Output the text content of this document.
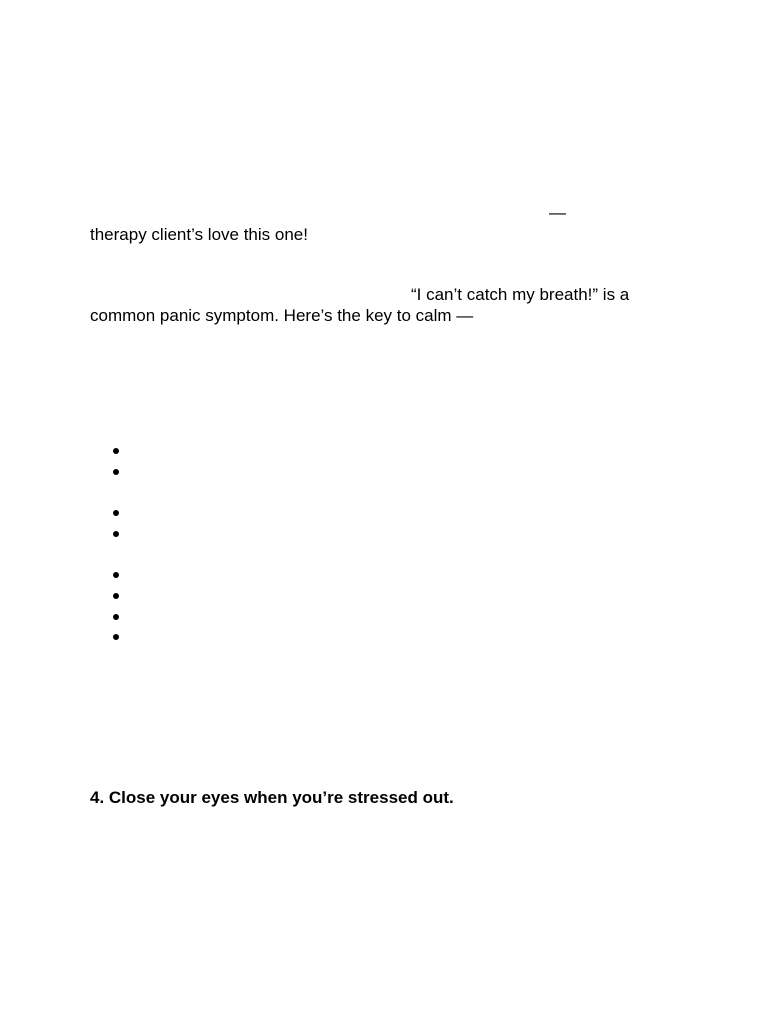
—
therapy client’s love this one!
“I can’t catch my breath!” is a
common panic symptom. Here’s the key to calm —
4. Close your eyes when you’re stressed out.
